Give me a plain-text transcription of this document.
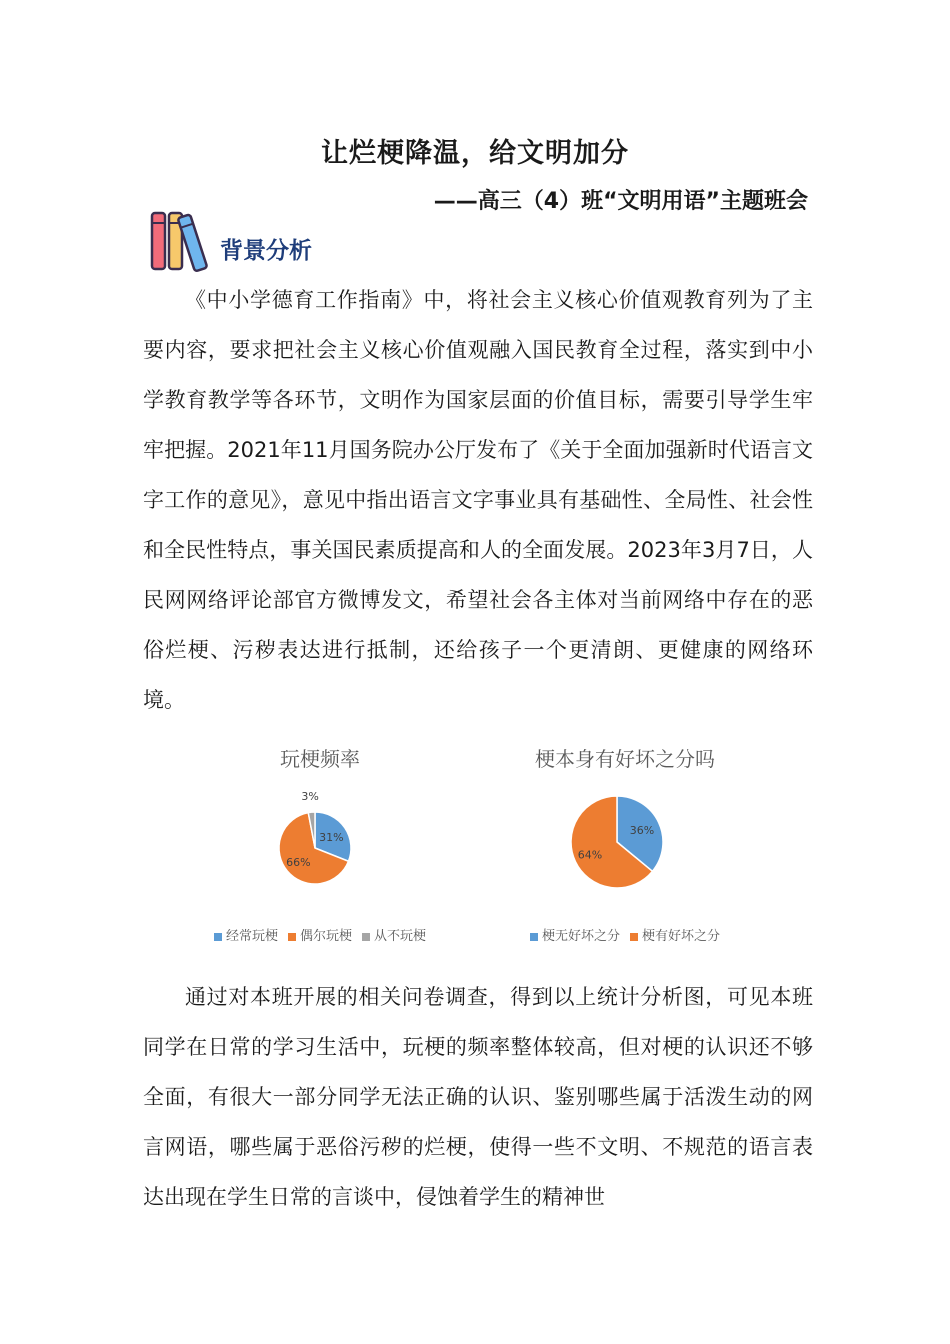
让烂梗降温，给文明加分
——高三（4）班“文明用语”主题班会
背景分析

《中小学德育工作指南》中，将社会主义核心价值观教育列为了主要内容，要求把社会主义核心价值观融入国民教育全过程，落实到中小学教育教学等各环节，文明作为国家层面的价值目标，需要引导学生牢牢把握。2021年11月国务院办公厅发布了《关于全面加强新时代语言文字工作的意见》，意见中指出语言文字事业具有基础性、全局性、社会性和全民性特点，事关国民素质提高和人的全面发展。2023年3月7日，人民网网络评论部官方微博发文，希望社会各主体对当前网络中存在的恶俗烂梗、污秽表达进行抵制，还给孩子一个更清朗、更健康的网络环境。

玩梗频率
31%
66%
3%
经常玩梗 偶尔玩梗 从不玩梗
梗本身有好坏之分吗
36%
64%
梗无好坏之分 梗有好坏之分

通过对本班开展的相关问卷调查，得到以上统计分析图，可见本班同学在日常的学习生活中，玩梗的频率整体较高，但对梗的认识还不够全面，有很大一部分同学无法正确的认识、鉴别哪些属于活泼生动的网言网语，哪些属于恶俗污秽的烂梗，使得一些不文明、不规范的语言表达出现在学生日常的言谈中，侵蚀着学生的精神世
